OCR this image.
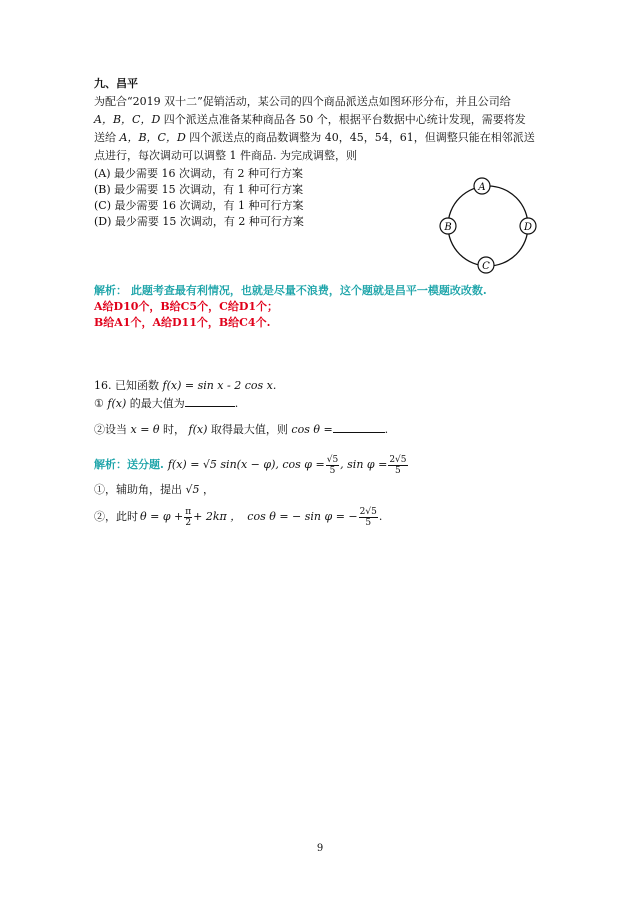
九、昌平
为配合“2019 双十二”促销活动，某公司的四个商品派送点如图环形分布，并且公司给
A，B，C，D 四个派送点准备某种商品各 50 个，根据平台数据中心统计发现，需要将发
送给 A，B，C，D 四个派送点的商品数调整为 40，45，54，61，但调整只能在相邻派送
点进行，每次调动可以调整 1 件商品. 为完成调整，则
(A) 最少需要 16 次调动，有 2 种可行方案
(B) 最少需要 15 次调动，有 1 种可行方案
(C) 最少需要 16 次调动，有 1 种可行方案
(D) 最少需要 15 次调动，有 2 种可行方案
A
B	D
C
解析： 此题考查最有利情况，也就是尽量不浪费，这个题就是昌平一模题改改数.
A给D10个，B给C5个，C给D1个；
B给A1个，A给D11个，B给C4个.
16. 已知函数 f(x) = sin x - 2 cos x.
① f(x) 的最大值为	.
②设当 x = θ 时， f(x) 取得最大值，则 cos θ =	.
解析：送分题. f(x) = √5 sin(x − φ), $\cos \varphi = \frac{√5}{5}$ , $\sin \varphi = \frac{2√5}{5}$
①，辅助角，提出 √5 ，
②，此时 $\theta = \varphi + \frac{\pi}{2} + 2k\pi$ ， cos θ = − sin φ = − $\frac{2√5}{5}$ .
9
